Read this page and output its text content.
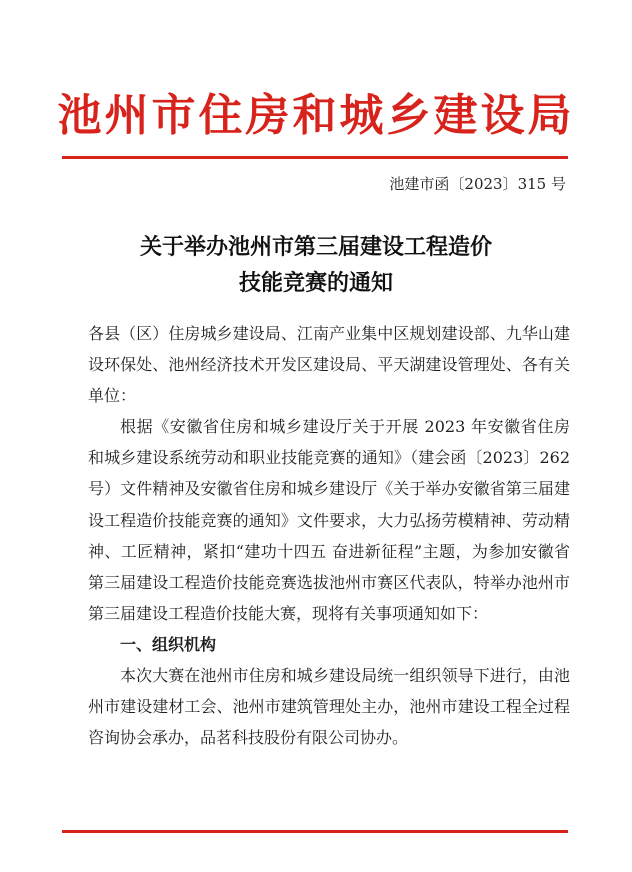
池州市住房和城乡建设局
池建市函〔2023〕315 号
关于举办池州市第三届建设工程造价
技能竞赛的通知

各县（区）住房城乡建设局、江南产业集中区规划建设部、九华山建设环保处、池州经济技术开发区建设局、平天湖建设管理处、各有关单位：

根据《安徽省住房和城乡建设厅关于开展 2023 年安徽省住房和城乡建设系统劳动和职业技能竞赛的通知》（建会函〔2023〕262 号）文件精神及安徽省住房和城乡建设厅《关于举办安徽省第三届建设工程造价技能竞赛的通知》文件要求，大力弘扬劳模精神、劳动精神、工匠精神，紧扣“建功十四五 奋进新征程”主题，为参加安徽省第三届建设工程造价技能竞赛选拔池州市赛区代表队，特举办池州市第三届建设工程造价技能大赛，现将有关事项通知如下：

一、组织机构

本次大赛在池州市住房和城乡建设局统一组织领导下进行，由池州市建设建材工会、池州市建筑管理处主办，池州市建设工程全过程咨询协会承办，品茗科技股份有限公司协办。
